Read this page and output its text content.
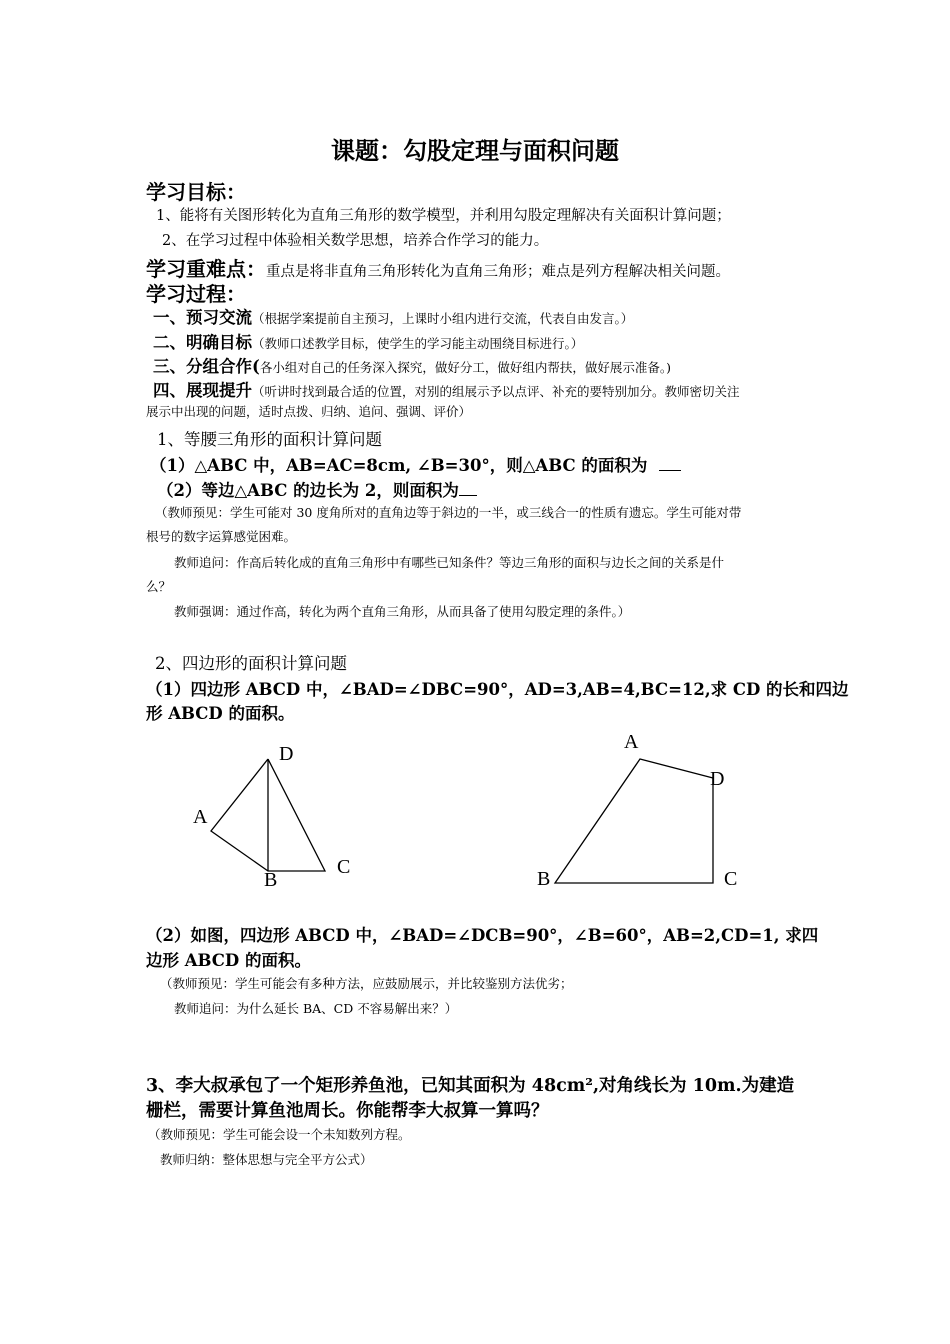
课题：勾股定理与面积问题
学习目标：
1、能将有关图形转化为直角三角形的数学模型，并利用勾股定理解决有关面积计算问题；
2、在学习过程中体验相关数学思想，培养合作学习的能力。
学习重难点：重点是将非直角三角形转化为直角三角形；难点是列方程解决相关问题。
学习过程：
一、预习交流（根据学案提前自主预习，上课时小组内进行交流，代表自由发言。）
二、明确目标（教师口述教学目标，使学生的学习能主动围绕目标进行。）
三、分组合作(各小组对自己的任务深入探究，做好分工，做好组内帮扶，做好展示准备。)
四、展现提升（听讲时找到最合适的位置，对别的组展示予以点评、补充的要特别加分。教师密切关注
展示中出现的问题，适时点拨、归纳、追问、强调、评价）
1、等腰三角形的面积计算问题
（1）△ABC 中，AB=AC=8cm, ∠B=30°，则△ABC 的面积为
（2）等边△ABC 的边长为 2，则面积为
（教师预见：学生可能对 30 度角所对的直角边等于斜边的一半，或三线合一的性质有遗忘。学生可能对带
根号的数字运算感觉困难。
教师追问：作高后转化成的直角三角形中有哪些已知条件？等边三角形的面积与边长之间的关系是什
么？
教师强调：通过作高，转化为两个直角三角形，从而具备了使用勾股定理的条件。）
2、四边形的面积计算问题
（1）四边形 ABCD 中，∠BAD=∠DBC=90°，AD=3,AB=4,BC=12,求 CD 的长和四边
形 ABCD 的面积。
D
A
B
C
A
D
B	C
（2）如图，四边形 ABCD 中，∠BAD=∠DCB=90°，∠B=60°，AB=2,CD=1, 求四
边形 ABCD 的面积。
（教师预见：学生可能会有多种方法，应鼓励展示，并比较鉴别方法优劣；
教师追问：为什么延长 BA、CD 不容易解出来？）
3、李大叔承包了一个矩形养鱼池，已知其面积为 48cm²,对角线长为 10m.为建造
栅栏，需要计算鱼池周长。你能帮李大叔算一算吗？
（教师预见：学生可能会设一个未知数列方程。
教师归纳：整体思想与完全平方公式）
